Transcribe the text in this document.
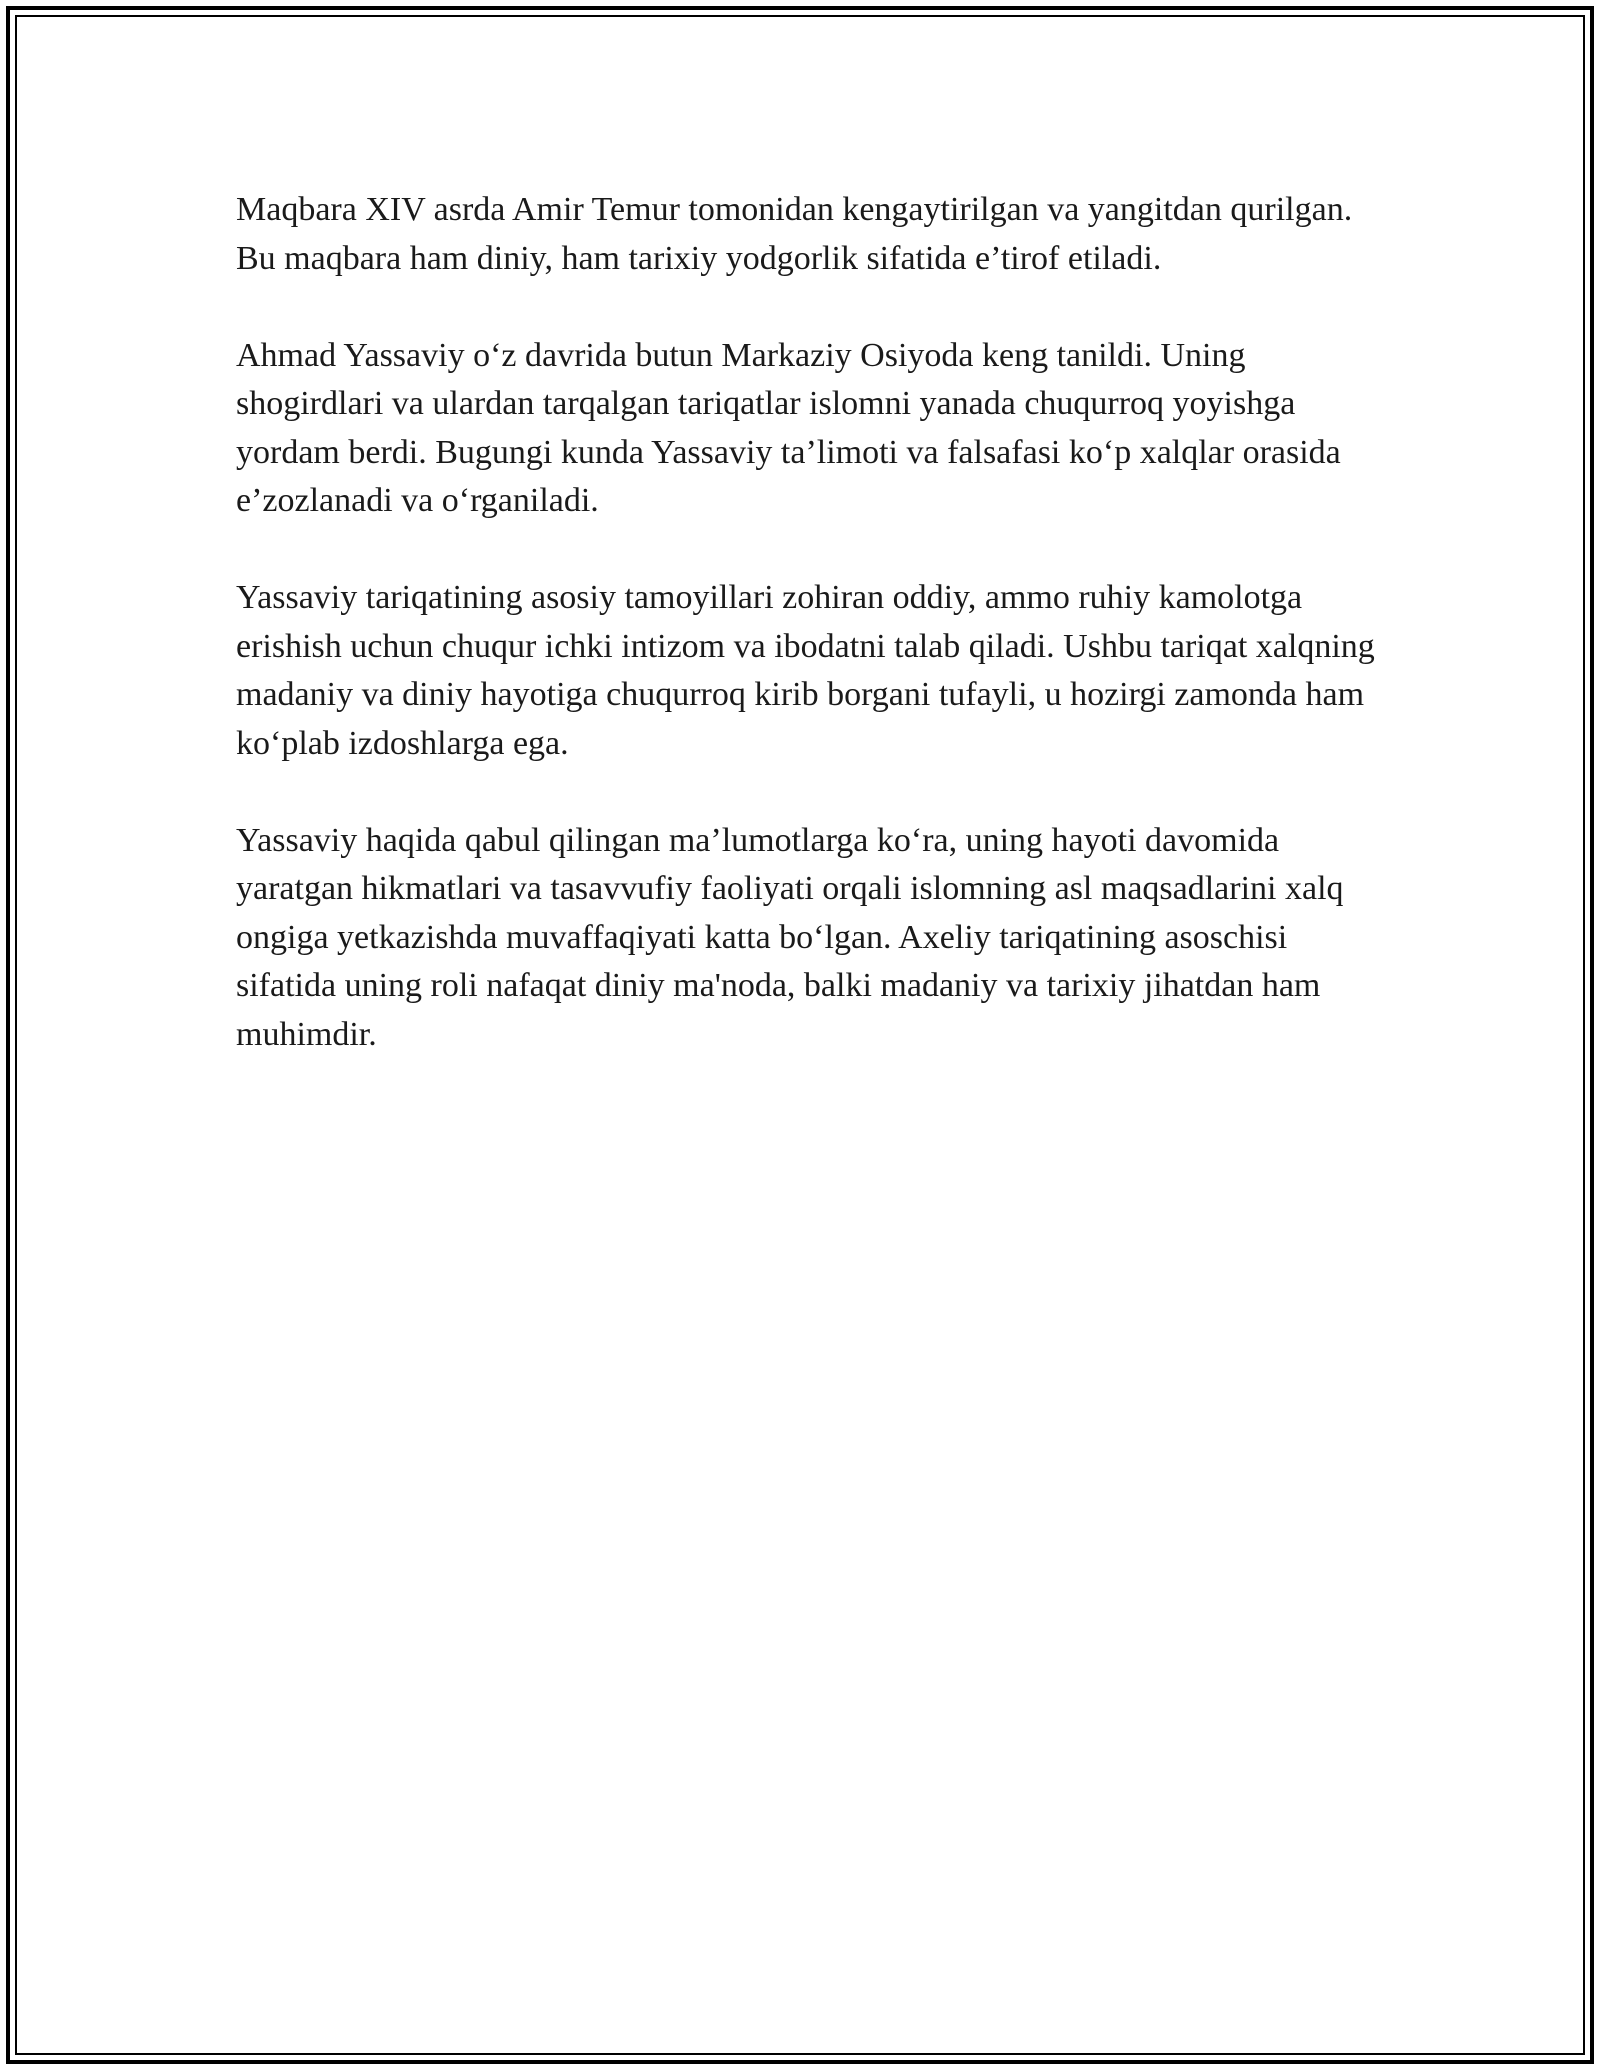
Maqbara XIV asrda Amir Temur tomonidan kengaytirilgan va yangitdan qurilgan. Bu maqbara ham diniy, ham tarixiy yodgorlik sifatida e’tirof etiladi.

Ahmad Yassaviy o‘z davrida butun Markaziy Osiyoda keng tanildi. Uning shogirdlari va ulardan tarqalgan tariqatlar islomni yanada chuqurroq yoyishga yordam berdi. Bugungi kunda Yassaviy ta’limoti va falsafasi ko‘p xalqlar orasida e’zozlanadi va o‘rganiladi.

Yassaviy tariqatining asosiy tamoyillari zohiran oddiy, ammo ruhiy kamolotga erishish uchun chuqur ichki intizom va ibodatni talab qiladi. Ushbu tariqat xalqning madaniy va diniy hayotiga chuqurroq kirib borgani tufayli, u hozirgi zamonda ham ko‘plab izdoshlarga ega.

Yassaviy haqida qabul qilingan ma’lumotlarga ko‘ra, uning hayoti davomida yaratgan hikmatlari va tasavvufiy faoliyati orqali islomning asl maqsadlarini xalq ongiga yetkazishda muvaffaqiyati katta bo‘lgan. Axeliy tariqatining asoschisi sifatida uning roli nafaqat diniy ma'noda, balki madaniy va tarixiy jihatdan ham muhimdir.
